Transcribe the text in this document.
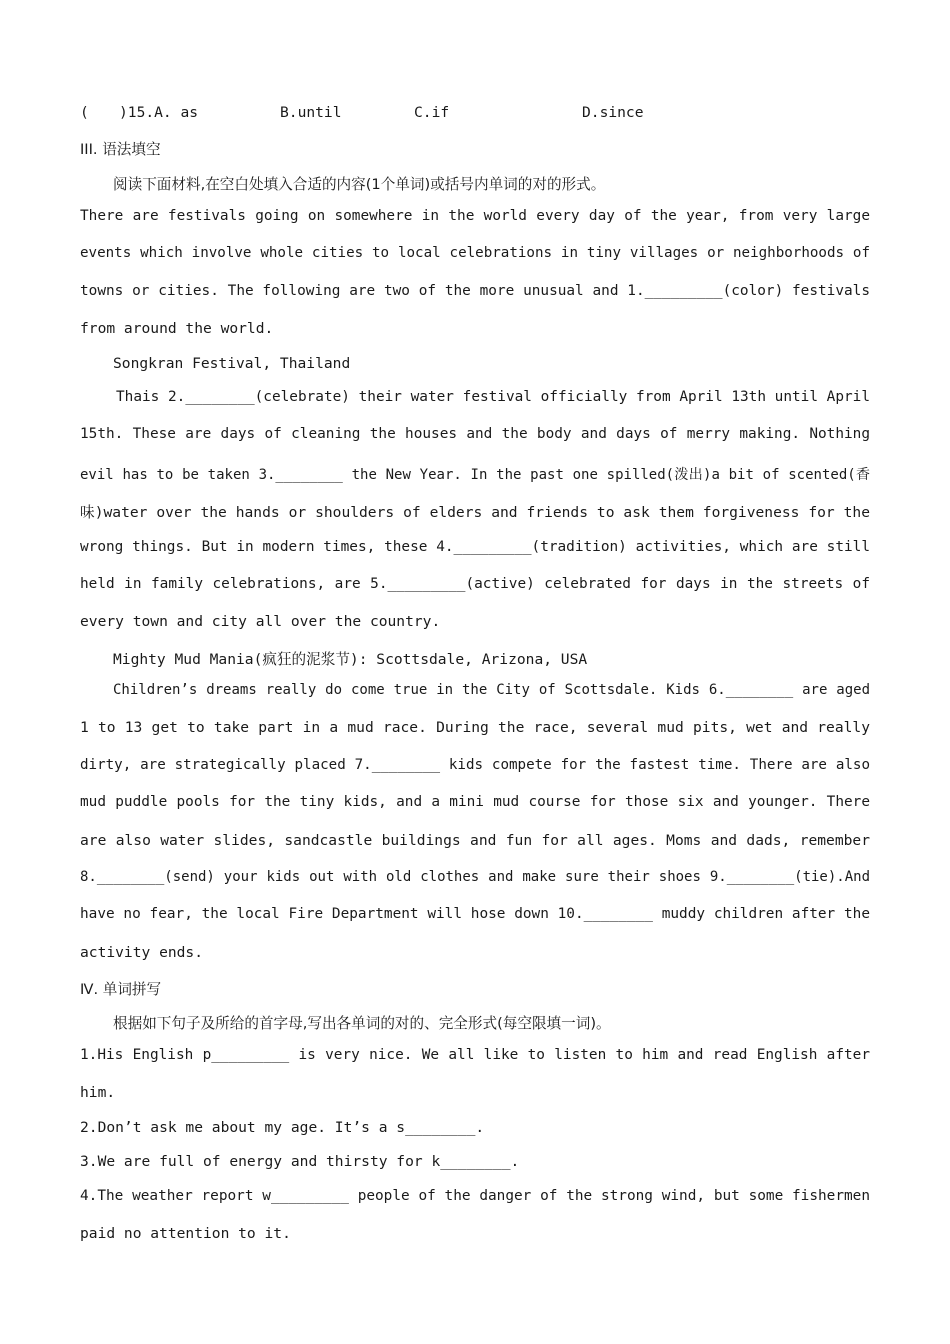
( )15.A. as	B.until	C.if	D.since
III. 语法填空
阅读下面材料,在空白处填入合适的内容(1个单词)或括号内单词的对的形式。
There are festivals going on somewhere in the world every day of the year, from very large
events which involve whole cities to local celebrations in tiny villages or neighborhoods of
towns or cities. The following are two of the more unusual and 1._________(color) festivals
from around the world.
Songkran Festival, Thailand
Thais 2.________(celebrate) their water festival officially from April 13th until April
15th. These are days of cleaning the houses and the body and days of merry making. Nothing
evil has to be taken 3.________ the New Year. In the past one spilled(泼出)a bit of scented(香
味)water over the hands or shoulders of elders and friends to ask them forgiveness for the
wrong things. But in modern times, these 4._________(tradition) activities, which are still
held in family celebrations, are 5._________(active) celebrated for days in the streets of
every town and city all over the country.
Mighty Mud Mania(疯狂的泥浆节): Scottsdale, Arizona, USA
Children’s dreams really do come true in the City of Scottsdale. Kids 6.________ are aged
1 to 13 get to take part in a mud race. During the race, several mud pits, wet and really
dirty, are strategically placed 7.________ kids compete for the fastest time. There are also
mud puddle pools for the tiny kids, and a mini mud course for those six and younger. There
are also water slides, sandcastle buildings and fun for all ages. Moms and dads, remember
8.________(send) your kids out with old clothes and make sure their shoes 9.________(tie).And
have no fear, the local Fire Department will hose down 10.________ muddy children after the
activity ends.
Ⅳ. 单词拼写
根据如下句子及所给的首字母,写出各单词的对的、完全形式(每空限填一词)。
1.His English p_________ is very nice. We all like to listen to him and read English after
him.
2.Don’t ask me about my age. It’s a s________.
3.We are full of energy and thirsty for k________.
4.The weather report w_________ people of the danger of the strong wind, but some fishermen
paid no attention to it.
